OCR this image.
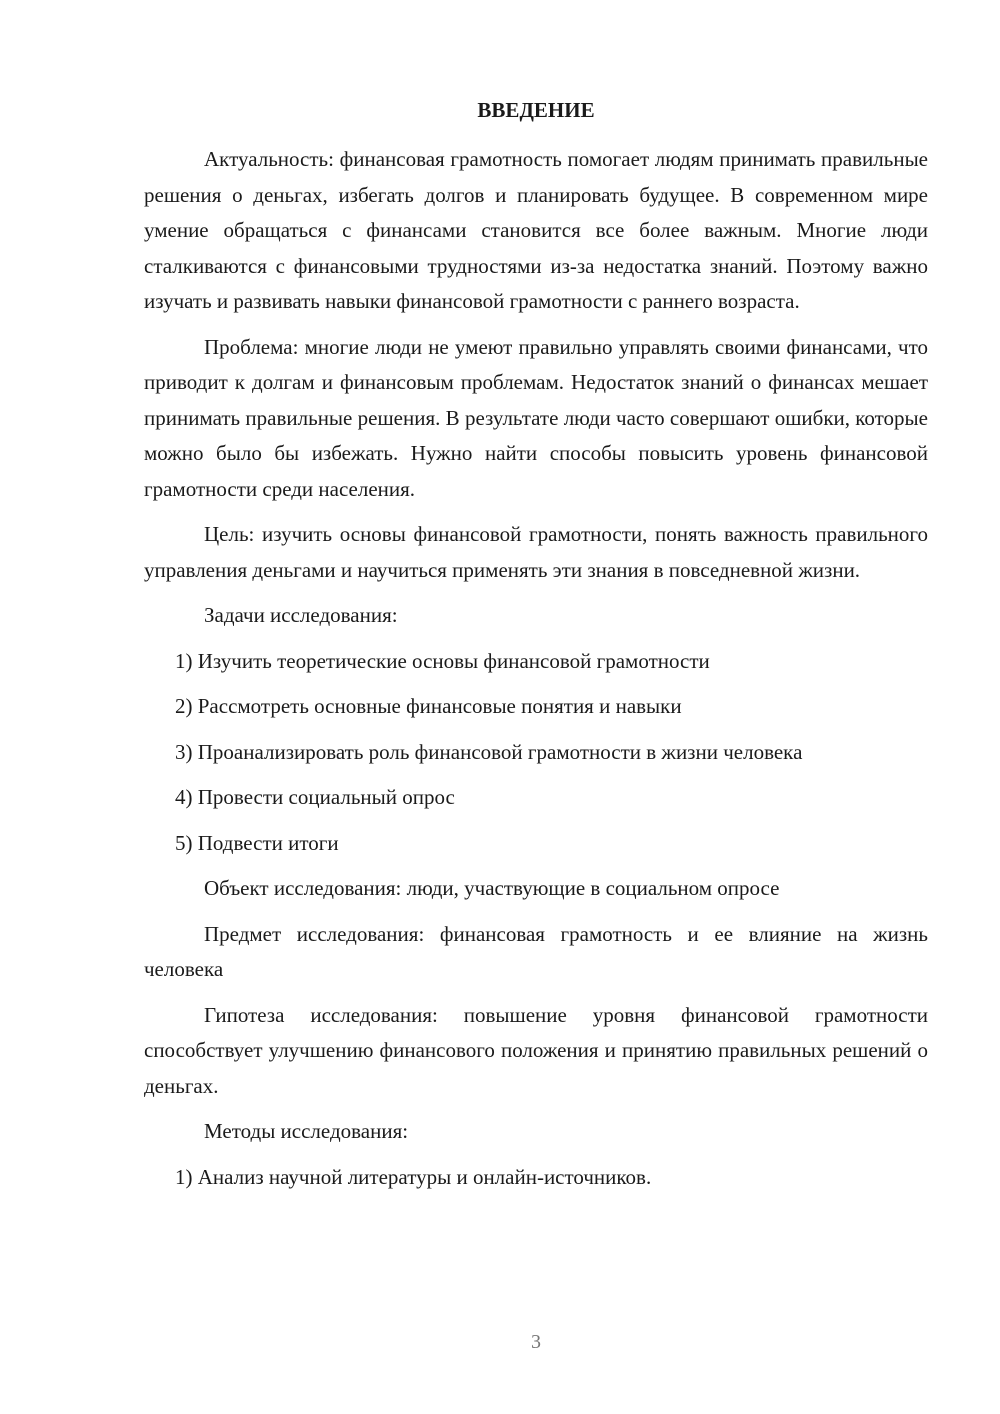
ВВЕДЕНИЕ

Актуальность: финансовая грамотность помогает людям принимать правильные решения о деньгах, избегать долгов и планировать будущее. В современном мире умение обращаться с финансами становится все более важным. Многие люди сталкиваются с финансовыми трудностями из-за недостатка знаний. Поэтому важно изучать и развивать навыки финансовой грамотности с раннего возраста.

Проблема: многие люди не умеют правильно управлять своими финансами, что приводит к долгам и финансовым проблемам. Недостаток знаний о финансах мешает принимать правильные решения. В результате люди часто совершают ошибки, которые можно было бы избежать. Нужно найти способы повысить уровень финансовой грамотности среди населения.

Цель: изучить основы финансовой грамотности, понять важность правильного управления деньгами и научиться применять эти знания в повседневной жизни.

Задачи исследования:

1) Изучить теоретические основы финансовой грамотности

2) Рассмотреть основные финансовые понятия и навыки

3) Проанализировать роль финансовой грамотности в жизни человека

4) Провести социальный опрос

5) Подвести итоги

Объект исследования: люди, участвующие в социальном опросе

Предмет исследования: финансовая грамотность и ее влияние на жизнь человека

Гипотеза исследования: повышение уровня финансовой грамотности способствует улучшению финансового положения и принятию правильных решений о деньгах.

Методы исследования:

1) Анализ научной литературы и онлайн-источников.

3
